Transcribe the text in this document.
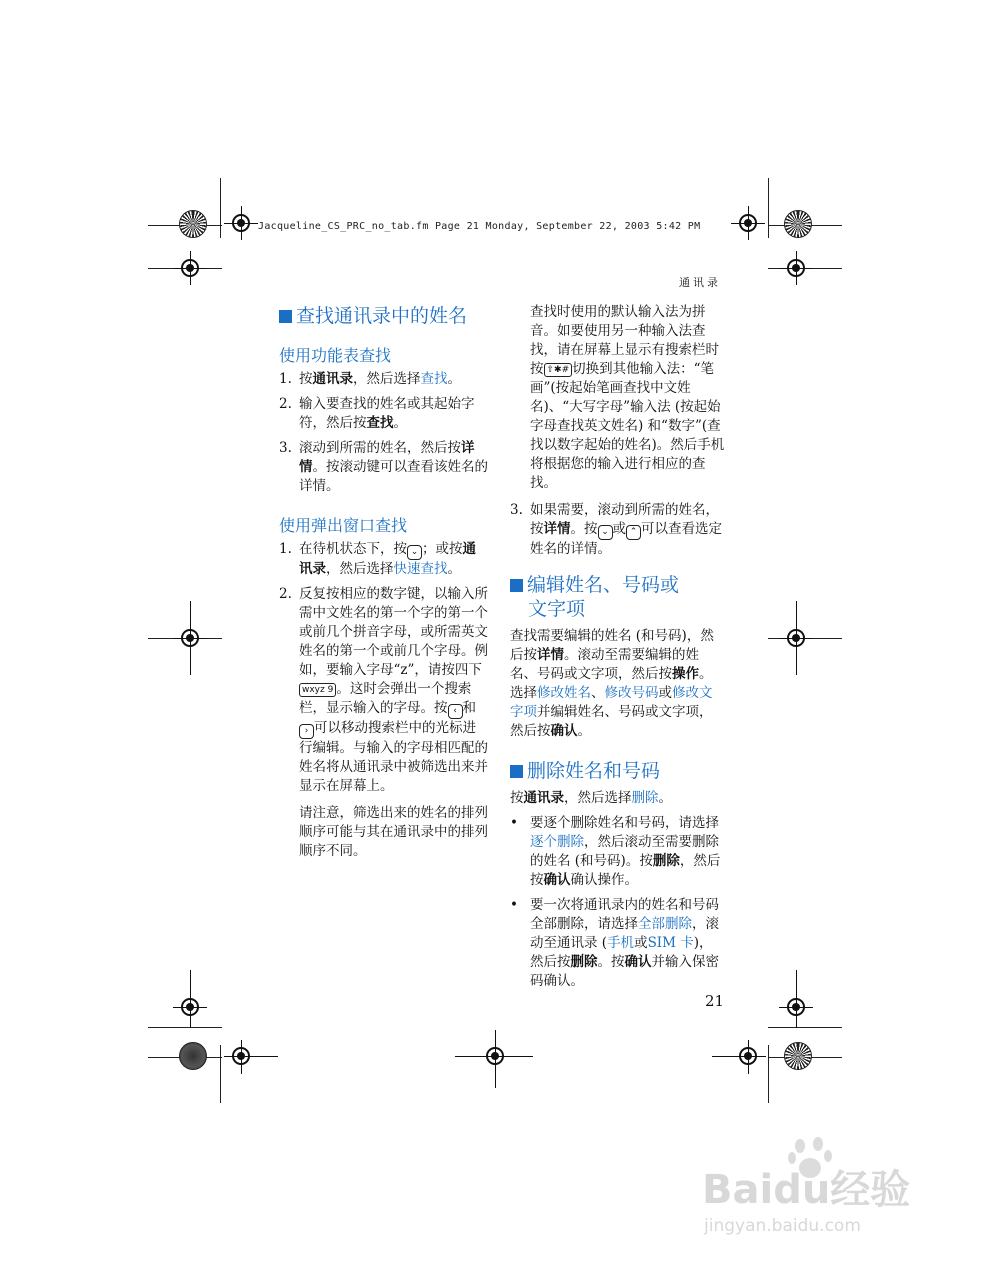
Jacqueline_CS_PRC_no_tab.fm Page 21 Monday, September 22, 2003 5:42 PM
通讯录
查找通讯录中的姓名
使用功能表查找
1. 按通讯录，然后选择查找。
2. 输入要查找的姓名或其起始字符，然后按查找。
3. 滚动到所需的姓名，然后按详情。按滚动键可以查看该姓名的详情。
使用弹出窗口查找
1. 在待机状态下，按 ⌄ ；或按通讯录，然后选择快速查找。
2. 反复按相应的数字键，以输入所需中文姓名的第一个字的第一个或前几个拼音字母，或所需英文姓名的第一个或前几个字母。例如，要输入字母“z”，请按四下wxyz 9 。这时会弹出一个搜索栏，显示输入的字母。按 ‹ 和› 可以移动搜索栏中的光标进行编辑。与输入的字母相匹配的姓名将从通讯录中被筛选出来并显示在屏幕上。

请注意，筛选出来的姓名的排列顺序可能与其在通讯录中的排列顺序不同。

查找时使用的默认输入法为拼音。如要使用另一种输入法查找，请在屏幕上显示有搜索栏时按 ⇧✱# 切换到其他输入法：“笔画”(按起始笔画查找中文姓名)、“大写字母”输入法 (按起始字母查找英文姓名) 和“数字”(查找以数字起始的姓名)。然后手机将根据您的输入进行相应的查找。

3. 如果需要，滚动到所需的姓名，按详情。按 ⌄ 或 ⌃ 可以查看选定姓名的详情。
编辑姓名、号码或
文字项

查找需要编辑的姓名 (和号码)，然后按详情。滚动至需要编辑的姓名、号码或文字项，然后按操作。选择修改姓名、修改号码或修改文字项并编辑姓名、号码或文字项，然后按确认。

删除姓名和号码

按通讯录，然后选择删除。

• 要逐个删除姓名和号码，请选择逐个删除，然后滚动至需要删除的姓名 (和号码)。按删除，然后按确认确认操作。
• 要一次将通讯录内的姓名和号码全部删除，请选择全部删除，滚动至通讯录 (手机或SIM 卡)，然后按删除。按确认并输入保密码确认。
21
Baidu经验
jingyan.baidu.com
